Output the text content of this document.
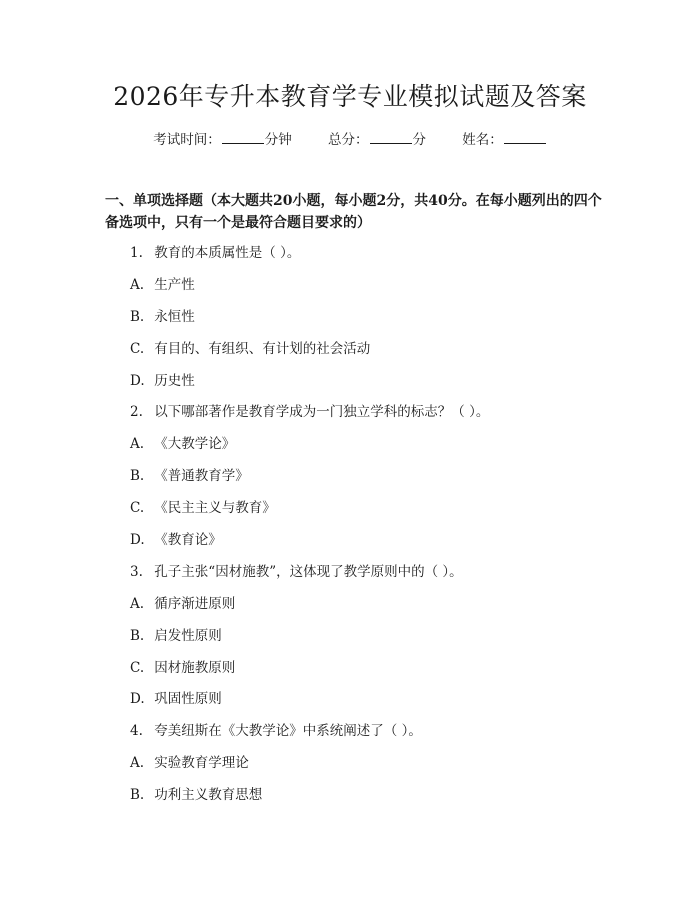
2026年专升本教育学专业模拟试题及答案
考试时间：	分钟	总分：	分	姓名：

一、单项选择题（本大题共20小题，每小题2分，共40分。在每小题列出的四个备选项中，只有一个是最符合题目要求的）

1. 教育的本质属性是（ ）。
A. 生产性
B. 永恒性
C. 有目的、有组织、有计划的社会活动
D. 历史性
2. 以下哪部著作是教育学成为一门独立学科的标志？（ ）。
A. 《大教学论》
B. 《普通教育学》
C. 《民主主义与教育》
D. 《教育论》
3. 孔子主张“因材施教”，这体现了教学原则中的（ ）。
A. 循序渐进原则
B. 启发性原则
C. 因材施教原则
D. 巩固性原则
4. 夸美纽斯在《大教学论》中系统阐述了（ ）。
A. 实验教育学理论
B. 功利主义教育思想
